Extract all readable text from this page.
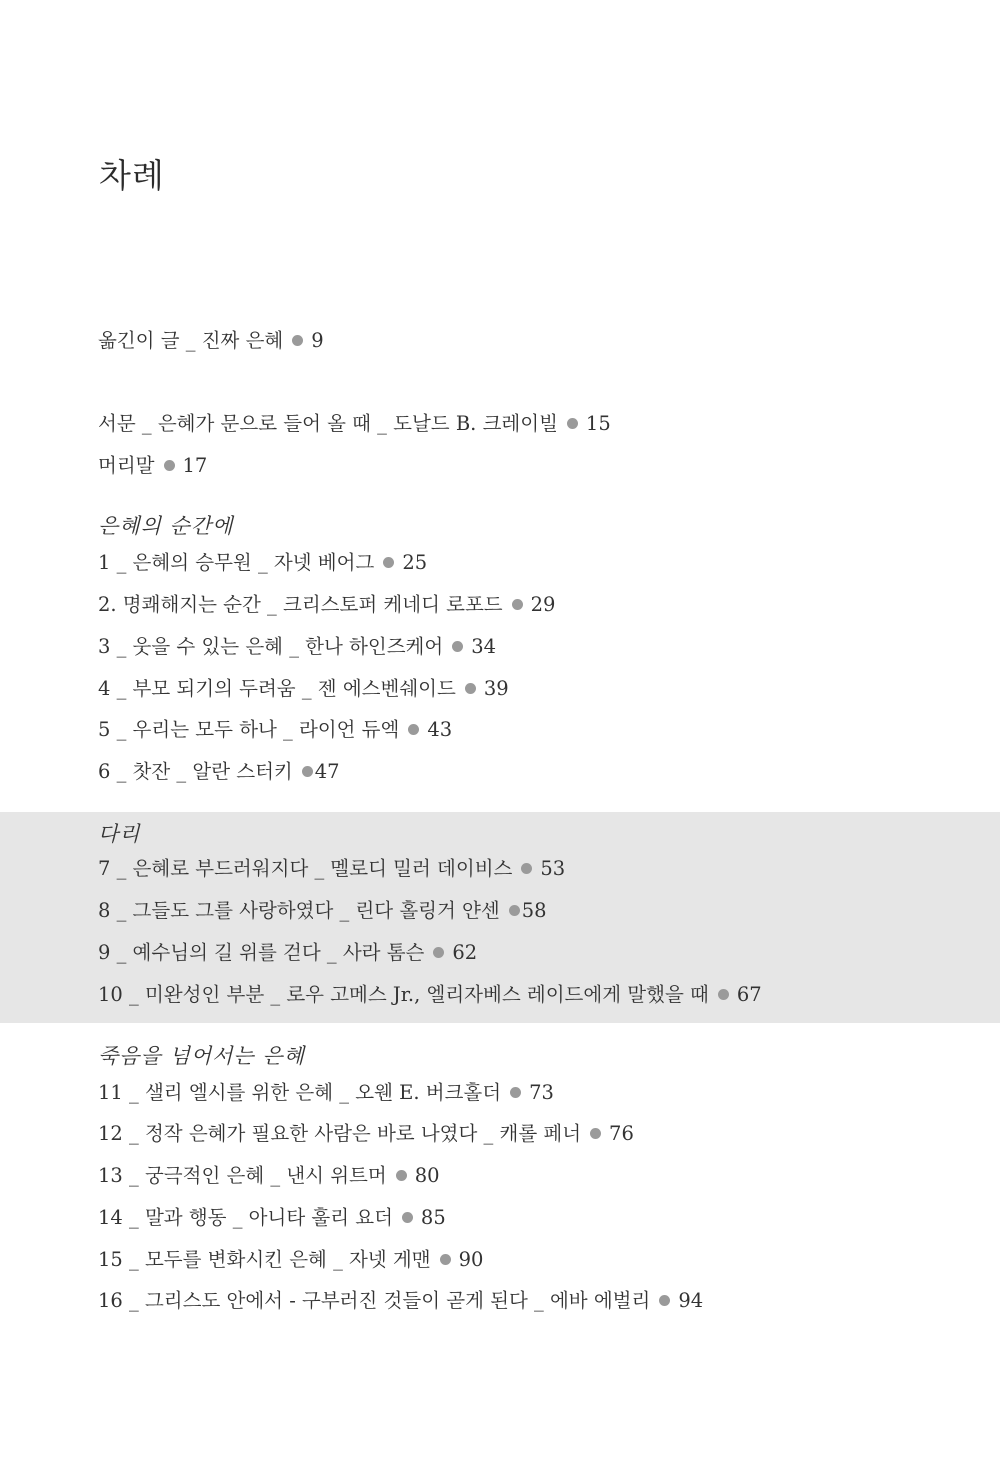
차례
옮긴이 글 _ 진짜 은혜 9
서문 _ 은혜가 문으로 들어 올 때 _ 도날드 B. 크레이빌 15
머리말 17
은혜의 순간에
1 _ 은혜의 승무원 _ 자넷 베어그 25
2. 명쾌해지는 순간 _ 크리스토퍼 케네디 로포드 29
3 _ 웃을 수 있는 은혜 _ 한나 하인즈케어 34
4 _ 부모 되기의 두려움 _ 젠 에스벤쉐이드 39
5 _ 우리는 모두 하나 _ 라이언 듀엑 43
6 _ 찻잔 _ 알란 스터키 47
다리
7 _ 은혜로 부드러워지다 _ 멜로디 밀러 데이비스 53
8 _ 그들도 그를 사랑하였다 _ 린다 홀링거 얀센 58
9 _ 예수님의 길 위를 걷다 _ 사라 톰슨 62
10 _ 미완성인 부분 _ 로우 고메스 Jr., 엘리자베스 레이드에게 말했을 때 67
죽음을 넘어서는 은혜
11 _ 샐리 엘시를 위한 은혜 _ 오웬 E. 버크홀더 73
12 _ 정작 은혜가 필요한 사람은 바로 나였다 _ 캐롤 페너 76
13 _ 궁극적인 은혜 _ 낸시 위트머 80
14 _ 말과 행동 _ 아니타 훌리 요더 85
15 _ 모두를 변화시킨 은혜 _ 자넷 게맨 90
16 _ 그리스도 안에서 - 구부러진 것들이 곧게 된다 _ 에바 에벌리 94
